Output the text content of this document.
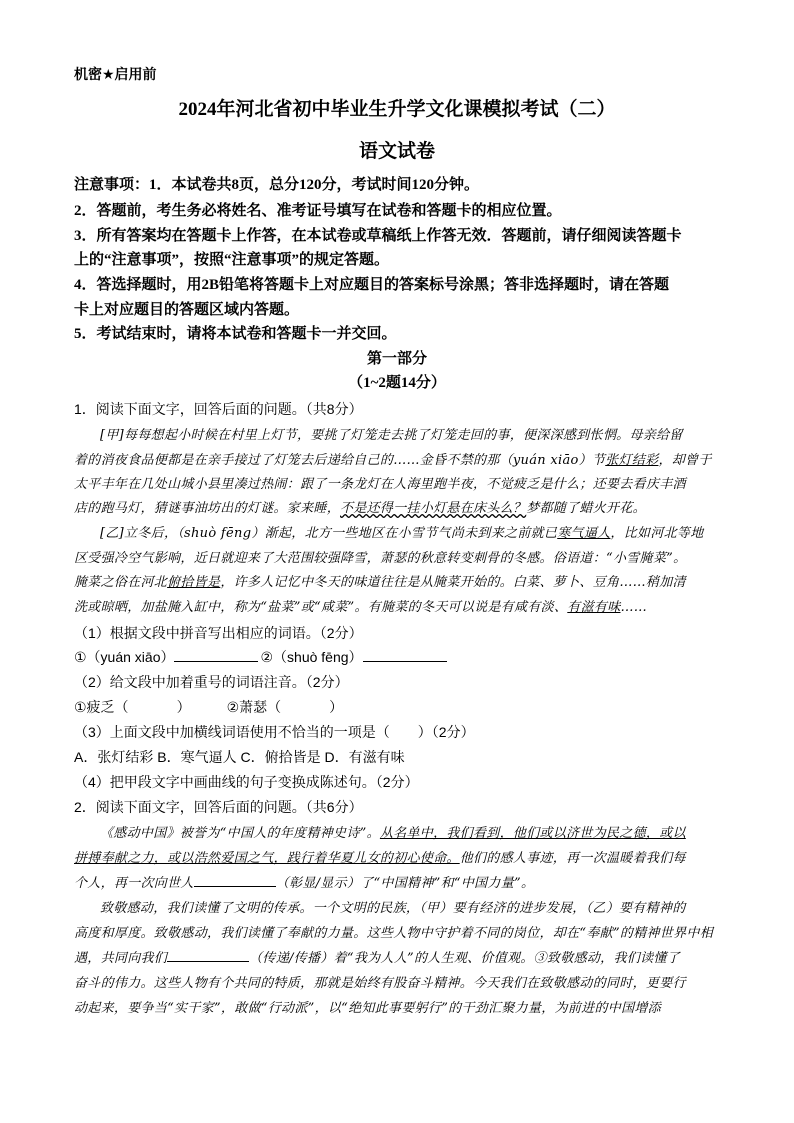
机密★启用前
2024年河北省初中毕业生升学文化课模拟考试（二）
语文试卷
注意事项：1．本试卷共8页，总分120分，考试时间120分钟。
2．答题前，考生务必将姓名、准考证号填写在试卷和答题卡的相应位置。
3．所有答案均在答题卡上作答，在本试卷或草稿纸上作答无效．答题前，请仔细阅读答题卡
上的“注意事项”，按照“注意事项”的规定答题。
4．答选择题时，用2B铅笔将答题卡上对应题目的答案标号涂黑；答非选择题时，请在答题
卡上对应题目的答题区域内答题。
5．考试结束时，请将本试卷和答题卡一并交回。
第一部分
（1~2题14分）
1．阅读下面文字，回答后面的问题。（共8分）
[甲]每每想起小时候在村里上灯节，要挑了灯笼走去挑了灯笼走回的事，便深深感到怅惘。母亲给留
着的消夜食品便都是在亲手接过了灯笼去后递给自己的……金昏不禁的那（yuán xiāo）节张灯结彩，却曾于
太平丰年在几处山城小县里凑过热闹：跟了一条龙灯在人海里跑半夜，不觉疲乏是什么；还要去看庆丰酒
店的跑马灯，猜谜事油坊出的灯谜。家来睡，不是还得一挂小灯悬在床头么？梦都随了蜡火开花。
[乙]立冬后，（shuò fēng）渐起，北方一些地区在小雪节气尚未到来之前就已寒气逼人，比如河北等地
区受强冷空气影响，近日就迎来了大范围较强降雪，萧瑟的秋意转变刺骨的冬感。俗语道：“小雪腌菜”。
腌菜之俗在河北俯拾皆是，许多人记忆中冬天的味道往往是从腌菜开始的。白菜、萝卜、豆角……稍加清
洗或晾晒，加盐腌入缸中，称为“盐菜”或“咸菜”。有腌菜的冬天可以说是有咸有淡、有滋有味……
（1）根据文段中拼音写出相应的词语。（2分）
①（yuán xiāo）	②（shuò fēng）
（2）给文段中加着重号的词语注音。（2分）
①疲乏（	）	②萧瑟（	）
（3）上面文段中加横线词语使用不恰当的一项是（　　）（2分）
A．张灯结彩 B．寒气逼人 C．俯拾皆是 D．有滋有味
（4）把甲段文字中画曲线的句子变换成陈述句。（2分）
2．阅读下面文字，回答后面的问题。（共6分）
《感动中国》被誉为“中国人的年度精神史诗”。从名单中，我们看到，他们或以济世为民之德，或以
拼搏奉献之力，或以浩然爱国之气，践行着华夏儿女的初心使命。他们的感人事迹，再一次温暖着我们每
个人，再一次向世人	（彰显/显示）了“中国精神”和“中国力量”。
致敬感动，我们读懂了文明的传承。一个文明的民族，（甲）要有经济的进步发展，（乙）要有精神的
高度和厚度。致敬感动，我们读懂了奉献的力量。这些人物中守护着不同的岗位，却在“奉献”的精神世界中相
遇，共同向我们	（传递/传播）着“我为人人”的人生观、价值观。③致敬感动，我们读懂了
奋斗的伟力。这些人物有个共同的特质，那就是始终有股奋斗精神。今天我们在致敬感动的同时，更要行
动起来，要争当“实干家”，敢做“行动派”，以“绝知此事要躬行”的干劲汇聚力量，为前进的中国增添
